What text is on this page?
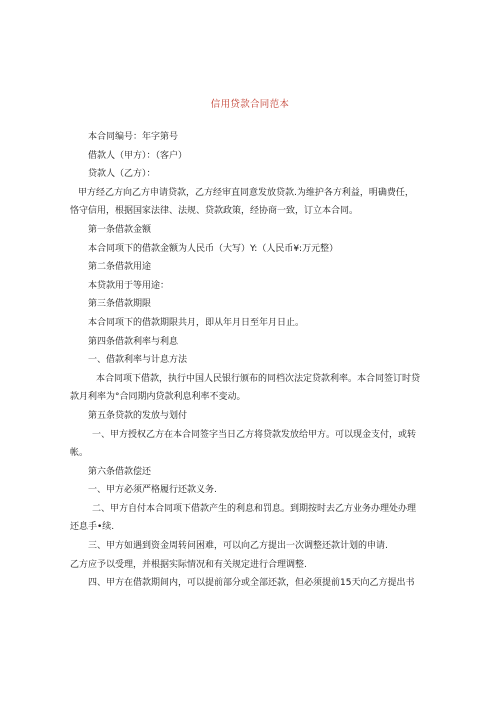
信用贷款合同范本

本合同编号：年字第号

借款人（甲方）：（客户）

贷款人（乙方）：

甲方经乙方向乙方申请贷款，乙方经审直同意发放贷款.为维护各方利益，明确费任，

恪守信用，根据国家法律、法规、贷款政策，经协商一致，订立本合同。

第一条借款金额

本合同项下的借款金额为人民币（大写）Y:（人民币¥:万元整）

第二条借款用途

本贷款用于等用途：

第三条借款期限

本合同项下的借款期限共月，即从年月日至年月日止。

第四条借款利率与利息

一、借款利率与计息方法

本合同项下借款，执行中国人民银行颁布的同档次法定贷款利率。本合同签订时贷

款月利率为°合同期内贷款利息利率不变动。

第五条贷款的发放与划付

一、甲方授权乙方在本合同签字当日乙方将贷款发放给甲方。可以现金支付，或转

帐。

第六条借款偿还

一、甲方必须严格履行还款义务.

二、甲方自付本合同项下借款产生的利息和罚息。到期按时去乙方业务办理处办理

还息手•续.

三、甲方如遇到资金周转问困难，可以向乙方提出一次调整还款计划的申请.

乙方应予以受理，并根据实际情况和有关规定进行合理调整.

四、甲方在借款期间内，可以提前部分或全部还款，但必须提前15天向乙方提出书
